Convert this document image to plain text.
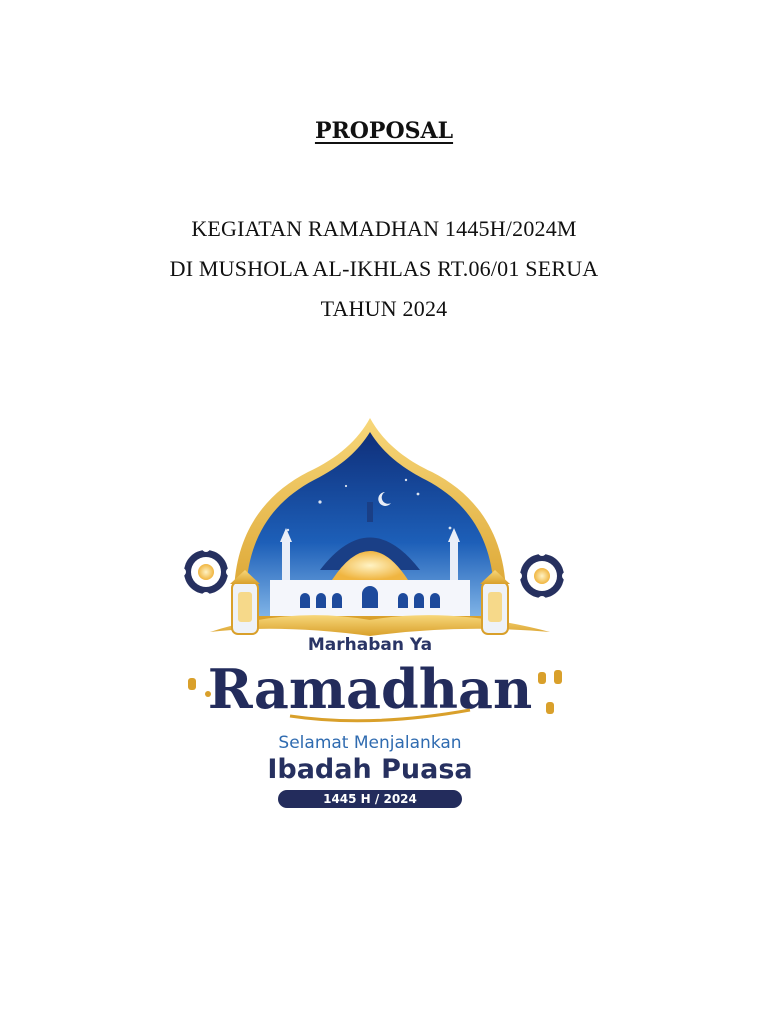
PROPOSAL
KEGIATAN RAMADHAN 1445H/2024M
DI MUSHOLA AL-IKHLAS RT.06/01 SERUA
TAHUN 2024
Marhaban Ya
Ramadhan
Selamat Menjalankan
Ibadah Puasa
1445 H / 2024
